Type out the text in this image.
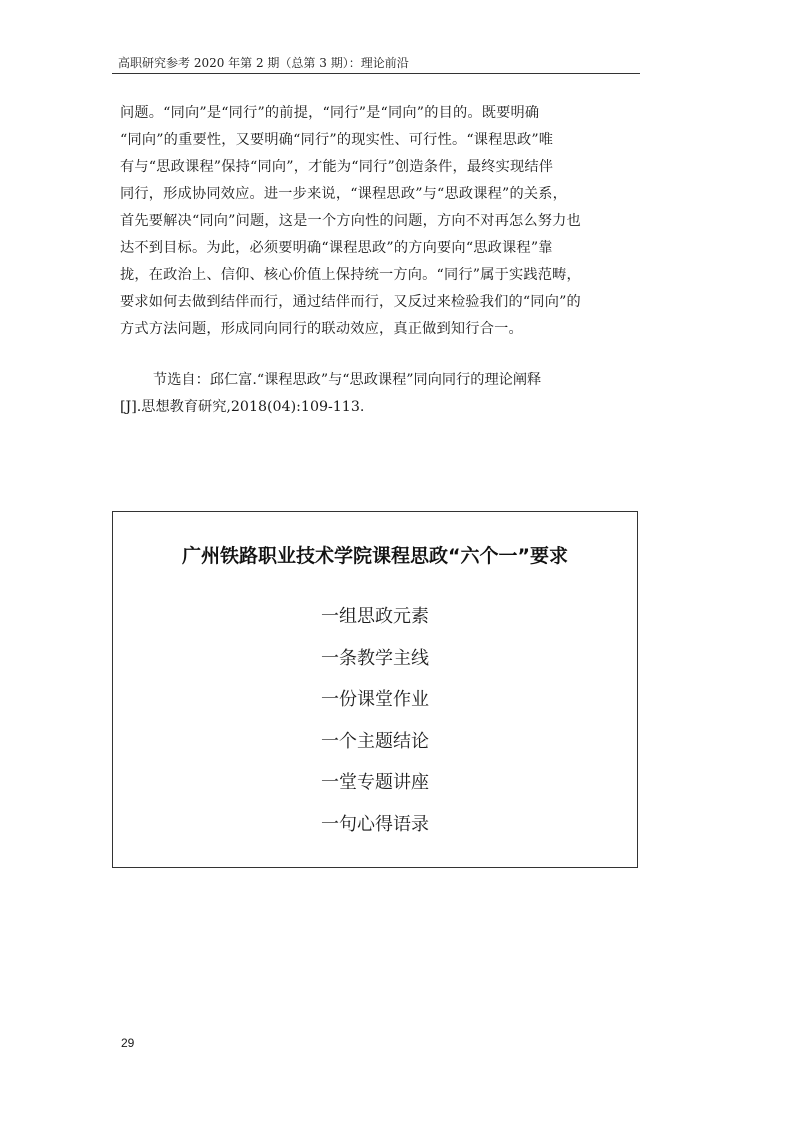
高职研究参考 2020 年第 2 期（总第 3 期）：理论前沿
问题。“同向”是“同行”的前提，“同行”是“同向”的目的。既要明确
“同向”的重要性，又要明确“同行”的现实性、可行性。“课程思政”唯
有与“思政课程”保持“同向”，才能为“同行”创造条件，最终实现结伴
同行，形成协同效应。进一步来说，“课程思政”与“思政课程”的关系，
首先要解决“同向”问题，这是一个方向性的问题，方向不对再怎么努力也
达不到目标。为此，必须要明确“课程思政”的方向要向“思政课程”靠
拢，在政治上、信仰、核心价值上保持统一方向。“同行”属于实践范畴，
要求如何去做到结伴而行，通过结伴而行，又反过来检验我们的“同向”的
方式方法问题，形成同向同行的联动效应，真正做到知行合一。
节选自：邱仁富.“课程思政”与“思政课程”同向同行的理论阐释
[J].思想教育研究,2018(04):109-113.
广州铁路职业技术学院课程思政“六个一”要求
一组思政元素
一条教学主线
一份课堂作业
一个主题结论
一堂专题讲座
一句心得语录
29
